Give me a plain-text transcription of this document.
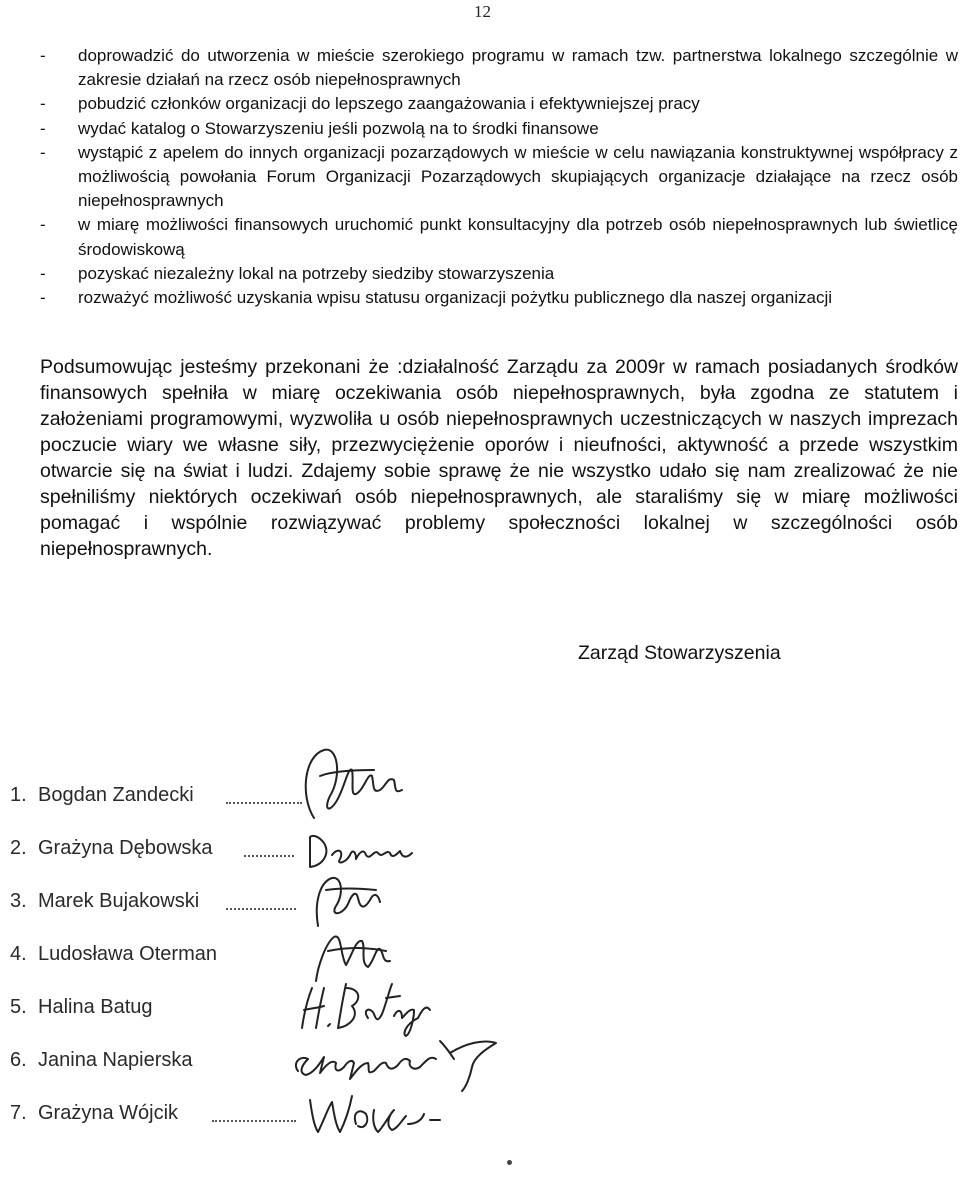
12
-	doprowadzić do utworzenia w mieście szerokiego programu w ramach tzw. partnerstwa lokalnego szczególnie w zakresie działań na rzecz osób niepełnosprawnych
-	pobudzić członków organizacji do lepszego zaangażowania i efektywniejszej pracy
-	wydać katalog o Stowarzyszeniu jeśli pozwolą na to środki finansowe
-	wystąpić z apelem do innych organizacji pozarządowych w mieście w celu nawiązania konstruktywnej współpracy z możliwością powołania Forum Organizacji Pozarządowych skupiających organizacje działające na rzecz osób niepełnosprawnych
-	w miarę możliwości finansowych uruchomić punkt konsultacyjny dla potrzeb osób niepełnosprawnych lub świetlicę środowiskową
-	pozyskać niezależny lokal na potrzeby siedziby stowarzyszenia
-	rozważyć możliwość uzyskania wpisu statusu organizacji pożytku publicznego dla naszej organizacji

Podsumowując jesteśmy przekonani że :działalność Zarządu za 2009r w ramach posiadanych środków finansowych spełniła w miarę oczekiwania osób niepełnosprawnych, była zgodna ze statutem i założeniami programowymi, wyzwoliła u osób niepełnosprawnych uczestniczących w naszych imprezach poczucie wiary we własne siły, przezwyciężenie oporów i nieufności, aktywność a przede wszystkim otwarcie się na świat i ludzi. Zdajemy sobie sprawę że nie wszystko udało się nam zrealizować że nie spełniliśmy niektórych oczekiwań osób niepełnosprawnych, ale staraliśmy się w miarę możliwości pomagać i wspólnie rozwiązywać problemy społeczności lokalnej w szczególności osób niepełnosprawnych.

Zarząd Stowarzyszenia
1. Bogdan Zandecki
2. Grażyna Dębowska
3. Marek Bujakowski
4. Ludosława Oterman
5. Halina Batug
6. Janina Napierska
7. Grażyna Wójcik
